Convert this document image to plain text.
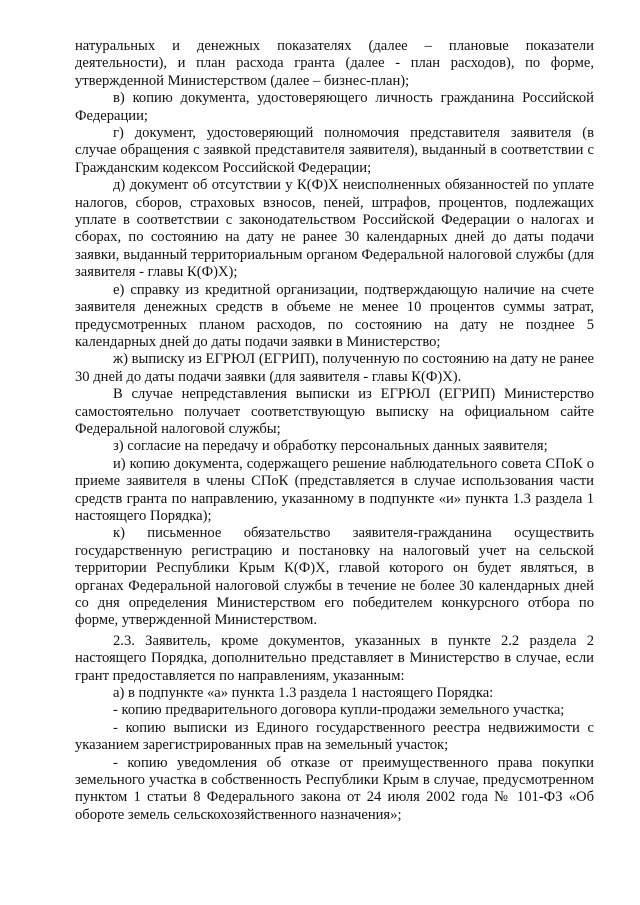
натуральных и денежных показателях (далее – плановые показатели деятельности), и план расхода гранта (далее - план расходов), по форме, утвержденной Министерством (далее – бизнес-план);

в) копию документа, удостоверяющего личность гражданина Российской Федерации;

г) документ, удостоверяющий полномочия представителя заявителя (в случае обращения с заявкой представителя заявителя), выданный в соответствии с Гражданским кодексом Российской Федерации;

д) документ об отсутствии у К(Ф)Х неисполненных обязанностей по уплате налогов, сборов, страховых взносов, пеней, штрафов, процентов, подлежащих уплате в соответствии с законодательством Российской Федерации о налогах и сборах, по состоянию на дату не ранее 30 календарных дней до даты подачи заявки, выданный территориальным органом Федеральной налоговой службы (для заявителя - главы К(Ф)Х);

е) справку из кредитной организации, подтверждающую наличие на счете заявителя денежных средств в объеме не менее 10 процентов суммы затрат, предусмотренных планом расходов, по состоянию на дату не позднее 5 календарных дней до даты подачи заявки в Министерство;

ж) выписку из ЕГРЮЛ (ЕГРИП), полученную по состоянию на дату не ранее 30 дней до даты подачи заявки (для заявителя - главы К(Ф)Х).

В случае непредставления выписки из ЕГРЮЛ (ЕГРИП) Министерство самостоятельно получает соответствующую выписку на официальном сайте Федеральной налоговой службы;

з) согласие на передачу и обработку персональных данных заявителя;

и) копию документа, содержащего решение наблюдательного совета СПоК о приеме заявителя в члены СПоК (представляется в случае использования части средств гранта по направлению, указанному в подпункте «и» пункта 1.3 раздела 1 настоящего Порядка);

к) письменное обязательство заявителя-гражданина осуществить государственную регистрацию и постановку на налоговый учет на сельской территории Республики Крым К(Ф)Х, главой которого он будет являться, в органах Федеральной налоговой службы в течение не более 30 календарных дней со дня определения Министерством его победителем конкурсного отбора по форме, утвержденной Министерством.

2.3. Заявитель, кроме документов, указанных в пункте 2.2 раздела 2 настоящего Порядка, дополнительно представляет в Министерство в случае, если грант предоставляется по направлениям, указанным:

а) в подпункте «а» пункта 1.3 раздела 1 настоящего Порядка:

- копию предварительного договора купли-продажи земельного участка;

- копию выписки из Единого государственного реестра недвижимости с указанием зарегистрированных прав на земельный участок;

- копию уведомления об отказе от преимущественного права покупки земельного участка в собственность Республики Крым в случае, предусмотренном пунктом 1 статьи 8 Федерального закона от 24 июля 2002 года № 101-ФЗ «Об обороте земель сельскохозяйственного назначения»;
